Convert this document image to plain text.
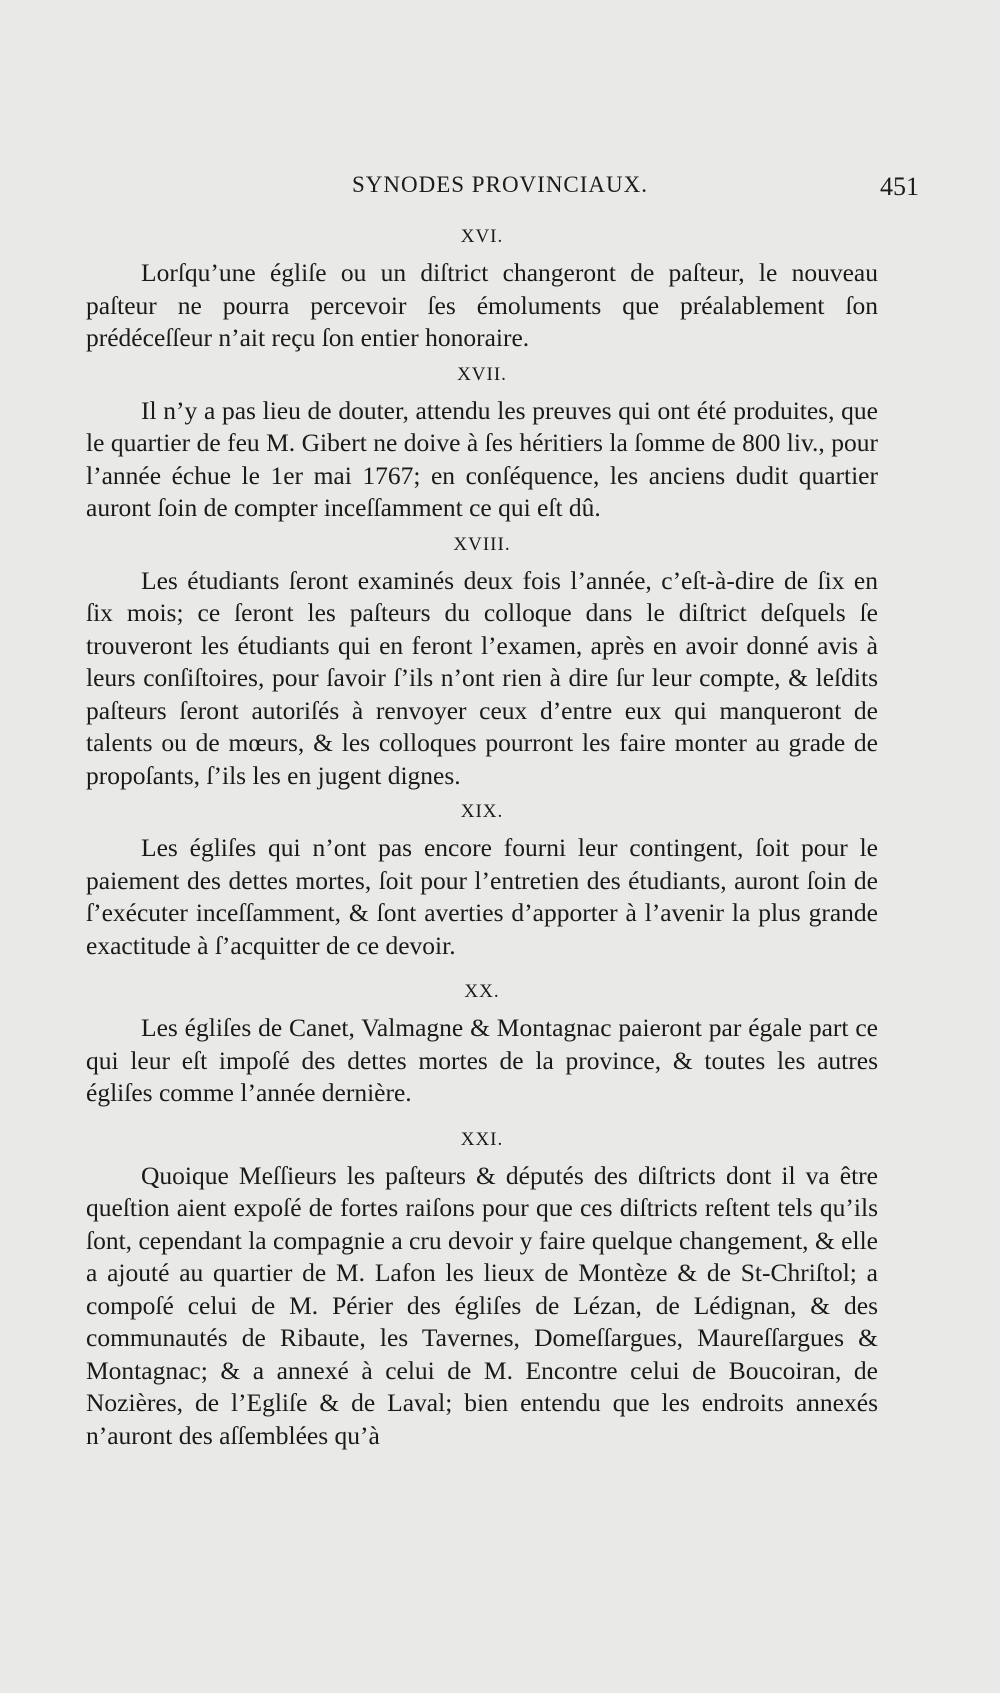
SYNODES PROVINCIAUX.	451
XVI.

Lorſqu’une égliſe ou un diſtrict changeront de paſteur, le nouveau paſteur ne pourra percevoir ſes émoluments que préalablement ſon prédéceſſeur n’ait reçu ſon entier honoraire.

XVII.

Il n’y a pas lieu de douter, attendu les preuves qui ont été produites, que le quartier de feu M. Gibert ne doive à ſes héritiers la ſomme de 800 liv., pour l’année échue le 1er mai 1767; en conſéquence, les anciens dudit quartier auront ſoin de compter inceſſamment ce qui eſt dû.

XVIII.

Les étudiants ſeront examinés deux fois l’année, c’eſt-à-dire de ſix en ſix mois; ce ſeront les paſteurs du colloque dans le diſtrict deſquels ſe trouveront les étudiants qui en feront l’examen, après en avoir donné avis à leurs conſiſtoires, pour ſavoir ſ’ils n’ont rien à dire ſur leur compte, & leſdits paſteurs ſeront autoriſés à renvoyer ceux d’entre eux qui manqueront de talents ou de mœurs, & les colloques pourront les faire monter au grade de propoſants, ſ’ils les en jugent dignes.

XIX.

Les égliſes qui n’ont pas encore fourni leur contingent, ſoit pour le paiement des dettes mortes, ſoit pour l’entretien des étudiants, auront ſoin de ſ’exécuter inceſſamment, & ſont averties d’apporter à l’avenir la plus grande exactitude à ſ’acquitter de ce devoir.

XX.

Les égliſes de Canet, Valmagne & Montagnac paieront par égale part ce qui leur eſt impoſé des dettes mortes de la province, & toutes les autres égliſes comme l’année dernière.

XXI.

Quoique Meſſieurs les paſteurs & députés des diſtricts dont il va être queſtion aient expoſé de fortes raiſons pour que ces diſtricts reſtent tels qu’ils ſont, cependant la compagnie a cru devoir y faire quelque changement, & elle a ajouté au quartier de M. Lafon les lieux de Montèze & de St-Chriſtol; a compoſé celui de M. Périer des égliſes de Lézan, de Lédignan, & des communautés de Ribaute, les Tavernes, Domeſſargues, Maureſſargues & Montagnac; & a annexé à celui de M. Encontre celui de Boucoiran, de Nozières, de l’Egliſe & de Laval; bien entendu que les endroits annexés n’auront des aſſemblées qu’à
